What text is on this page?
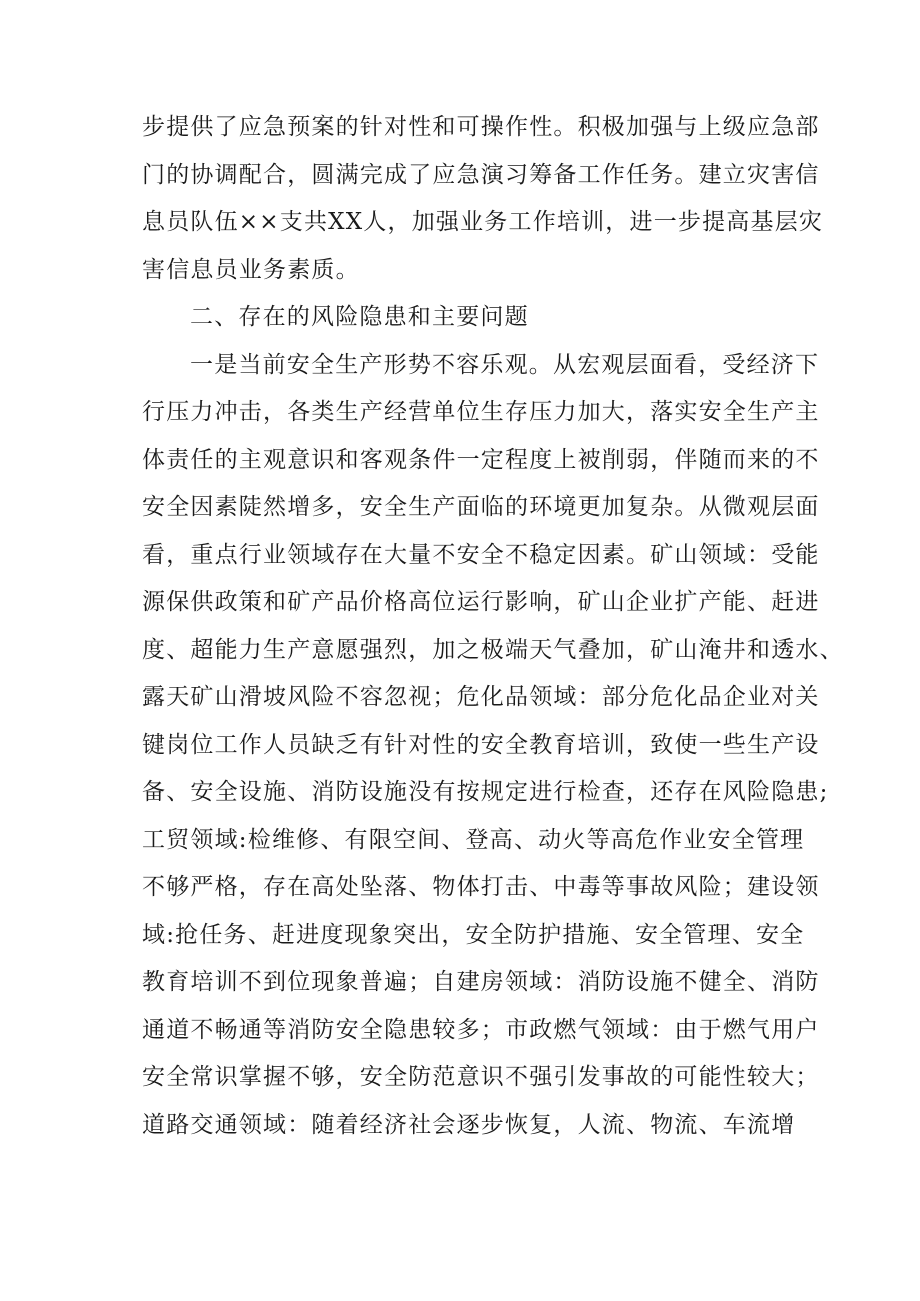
步提供了应急预案的针对性和可操作性。积极加强与上级应急部
门的协调配合，圆满完成了应急演习筹备工作任务。建立灾害信
息员队伍××支共XX人，加强业务工作培训，进一步提高基层灾
害信息员业务素质。
二、存在的风险隐患和主要问题
一是当前安全生产形势不容乐观。从宏观层面看，受经济下
行压力冲击，各类生产经营单位生存压力加大，落实安全生产主
体责任的主观意识和客观条件一定程度上被削弱，伴随而来的不
安全因素陡然增多，安全生产面临的环境更加复杂。从微观层面
看，重点行业领域存在大量不安全不稳定因素。矿山领域：受能
源保供政策和矿产品价格高位运行影响，矿山企业扩产能、赶进
度、超能力生产意愿强烈，加之极端天气叠加，矿山淹井和透水、
露天矿山滑坡风险不容忽视；危化品领域：部分危化品企业对关
键岗位工作人员缺乏有针对性的安全教育培训，致使一些生产设
备、安全设施、消防设施没有按规定进行检查，还存在风险隐患;
工贸领域:检维修、有限空间、登高、动火等高危作业安全管理
不够严格，存在高处坠落、物体打击、中毒等事故风险；建设领
域:抢任务、赶进度现象突出，安全防护措施、安全管理、安全
教育培训不到位现象普遍；自建房领域：消防设施不健全、消防
通道不畅通等消防安全隐患较多；市政燃气领域：由于燃气用户
安全常识掌握不够，安全防范意识不强引发事故的可能性较大；
道路交通领域：随着经济社会逐步恢复，人流、物流、车流增
